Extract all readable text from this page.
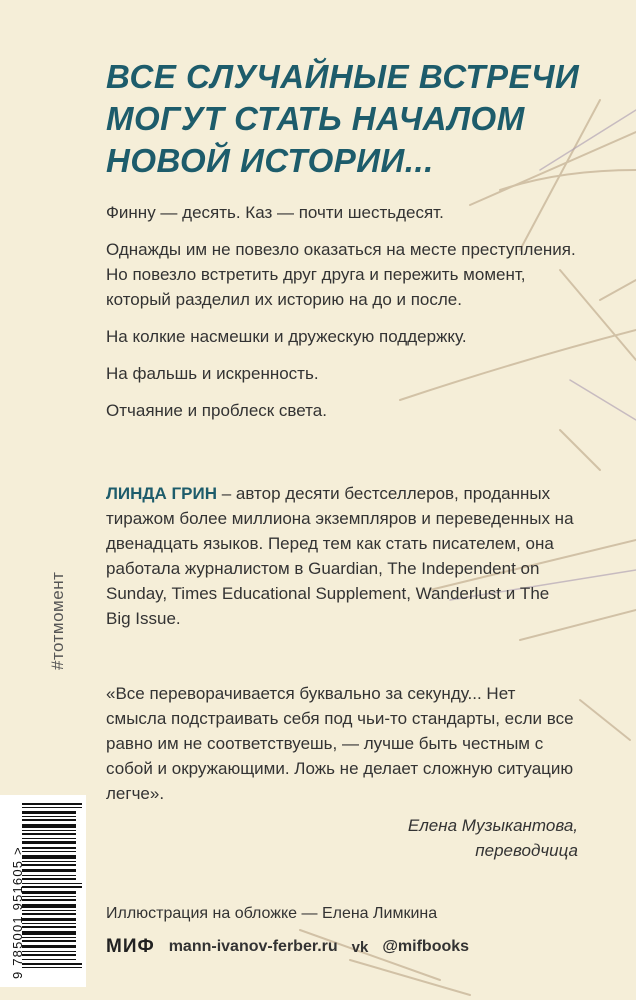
ВСЕ СЛУЧАЙНЫЕ ВСТРЕЧИ
МОГУТ СТАТЬ НАЧАЛОМ
НОВОЙ ИСТОРИИ...

Финну — десять. Каз — почти шестьдесят.

Однажды им не повезло оказаться на месте преступления. Но повезло встретить друг друга и пережить момент, который разделил их историю на до и после.

На колкие насмешки и дружескую поддержку.

На фальшь и искренность.

Отчаяние и проблеск света.

ЛИНДА ГРИН – автор десяти бестселлеров, проданных тиражом более миллиона экземпляров и переведенных на двенадцать языков. Перед тем как стать писателем, она работала журналистом в Guardian, The Independent on Sunday, Times Educational Supplement, Wanderlust и The Big Issue.
«Все переворачивается буквально за секунду... Нет смысла подстраивать себя под чьи-то стандарты, если все равно им не соответствуешь, — лучше быть честным с собой и окружающими. Ложь не делает сложную ситуацию легче».
Елена Музыкантова,
переводчица
#тотмомент
9 785001 951605 >	Иллюстрация на обложке — Елена Лимкина
МИФ mann-ivanov-ferber.ru vk @mifbooks
